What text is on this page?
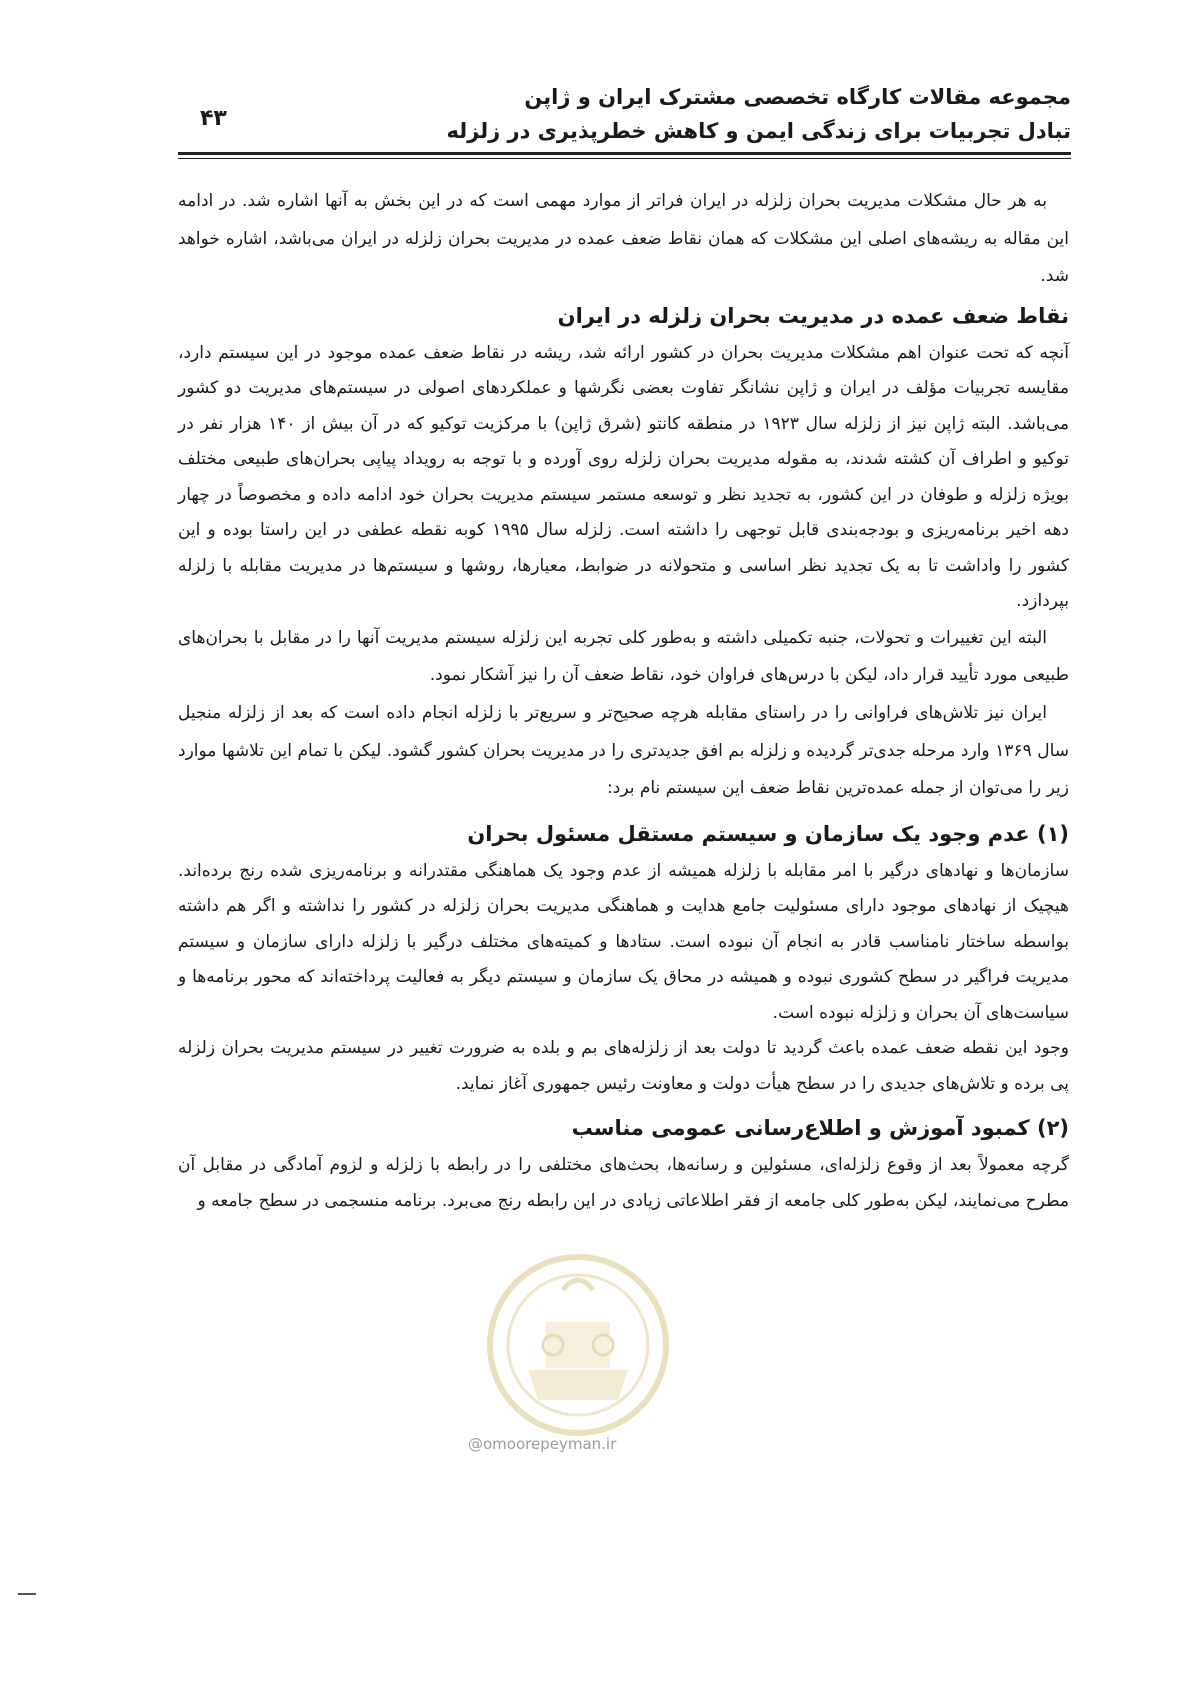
مجموعه مقالات کارگاه تخصصی مشترک ایران و ژاپن
تبادل تجربیات برای زندگی ایمن و کاهش خطرپذیری در زلزله
۴۳

به هر حال مشکلات مدیریت بحران زلزله در ایران فراتر از موارد مهمی است که در این بخش به آنها اشاره شد. در ادامه این مقاله به ریشه‌های اصلی این مشکلات که همان نقاط ضعف عمده در مدیریت بحران زلزله در ایران می‌باشد، اشاره خواهد شد.

نقاط ضعف عمده در مدیریت بحران زلزله در ایران

آنچه که تحت عنوان اهم مشکلات مدیریت بحران در کشور ارائه شد، ریشه در نقاط ضعف عمده موجود در این سیستم دارد، مقایسه تجربیات مؤلف در ایران و ژاپن نشانگر تفاوت بعضی نگرشها و عملکردهای اصولی در سیستم‌های مدیریت دو کشور می‌باشد. البته ژاپن نیز از زلزله سال ۱۹۲۳ در منطقه کانتو (شرق ژاپن) با مرکزیت توکیو که در آن بیش از ۱۴۰ هزار نفر در توکیو و اطراف آن کشته شدند، به مقوله مدیریت بحران زلزله روی آورده و با توجه به رویداد پیاپی بحران‌های طبیعی مختلف بویژه زلزله و طوفان در این کشور، به تجدید نظر و توسعه مستمر سیستم مدیریت بحران خود ادامه داده و مخصوصاً در چهار دهه اخیر برنامه‌ریزی و بودجه‌بندی قابل توجهی را داشته است. زلزله سال ۱۹۹۵ کوبه نقطه عطفی در این راستا بوده و این کشور را واداشت تا به یک تجدید نظر اساسی و متحولانه در ضوابط، معیارها، روشها و سیستم‌ها در مدیریت مقابله با زلزله بپردازد.

البته این تغییرات و تحولات، جنبه تکمیلی داشته و به‌طور کلی تجربه این زلزله سیستم مدیریت آنها را در مقابل با بحران‌های طبیعی مورد تأیید قرار داد، لیکن با درس‌های فراوان خود، نقاط ضعف آن را نیز آشکار نمود.

ایران نیز تلاش‌های فراوانی را در راستای مقابله هرچه صحیح‌تر و سریع‌تر با زلزله انجام داده است که بعد از زلزله منجیل سال ۱۳۶۹ وارد مرحله جدی‌تر گردیده و زلزله بم افق جدیدتری را در مدیریت بحران کشور گشود. لیکن با تمام این تلاشها موارد زیر را می‌توان از جمله عمده‌ترین نقاط ضعف این سیستم نام برد:

(۱) عدم وجود یک سازمان و سیستم مستقل مسئول بحران

سازمان‌ها و نهادهای درگیر با امر مقابله با زلزله همیشه از عدم وجود یک هماهنگی مقتدرانه و برنامه‌ریزی شده رنج برده‌اند. هیچیک از نهادهای موجود دارای مسئولیت جامع هدایت و هماهنگی مدیریت بحران زلزله در کشور را نداشته و اگر هم داشته بواسطه ساختار نامناسب قادر به انجام آن نبوده است. ستادها و کمیته‌های مختلف درگیر با زلزله دارای سازمان و سیستم مدیریت فراگیر در سطح کشوری نبوده و همیشه در محاق یک سازمان و سیستم دیگر به فعالیت پرداخته‌اند که محور برنامه‌ها و سیاست‌های آن بحران و زلزله نبوده است.

وجود این نقطه ضعف عمده باعث گردید تا دولت بعد از زلزله‌های بم و بلده به ضرورت تغییر در سیستم مدیریت بحران زلزله پی برده و تلاش‌های جدیدی را در سطح هیأت دولت و معاونت رئیس جمهوری آغاز نماید.

(۲) کمبود آموزش و اطلاع‌رسانی عمومی مناسب

گرچه معمولاً بعد از وقوع زلزله‌ای، مسئولین و رسانه‌ها، بحث‌های مختلفی را در رابطه با زلزله و لزوم آمادگی در مقابل آن مطرح می‌نمایند، لیکن به‌طور کلی جامعه از فقر اطلاعاتی زیادی در این رابطه رنج می‌برد. برنامه منسجمی در سطح جامعه و

@omoorepeyman.ir
